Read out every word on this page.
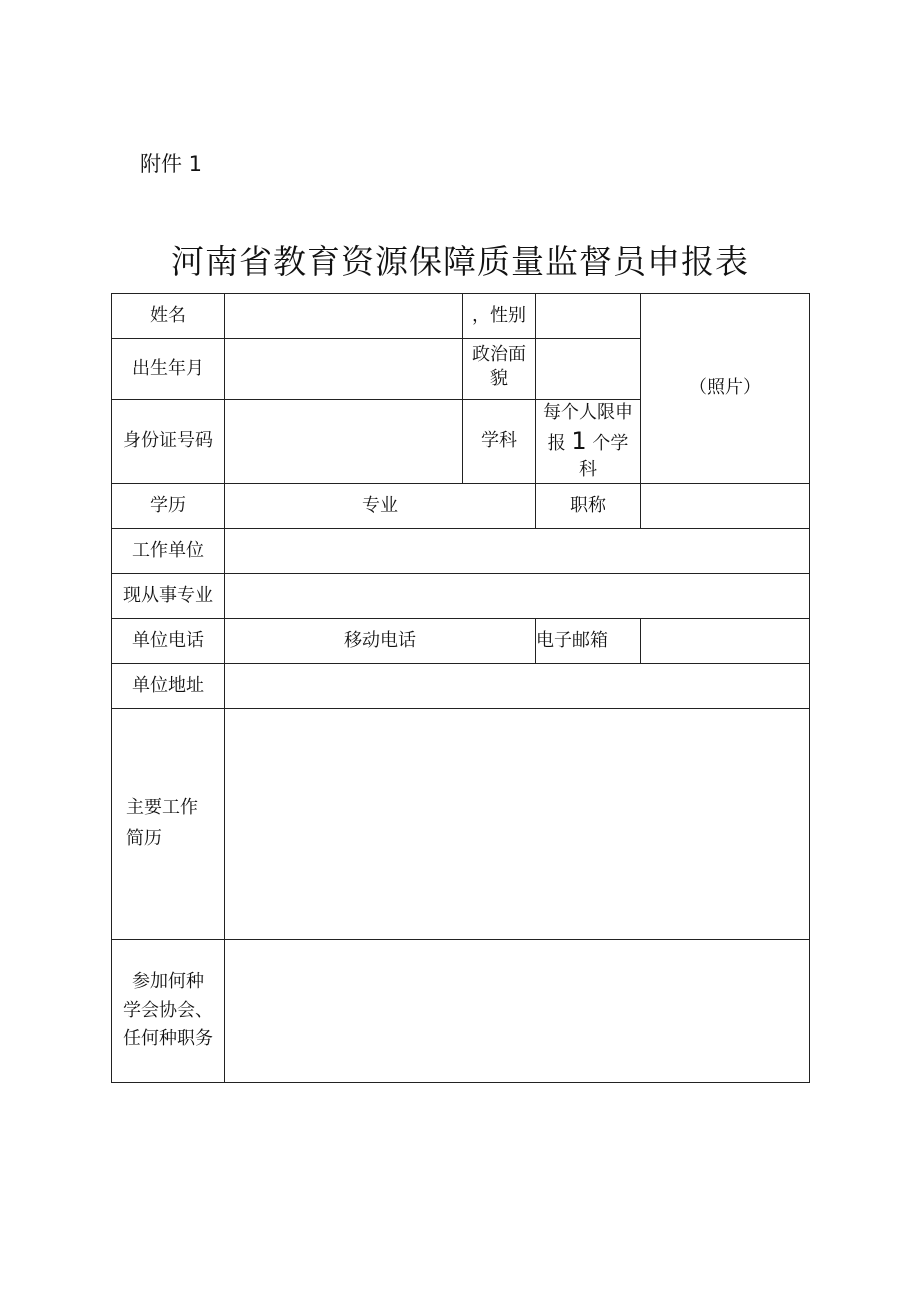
附件 1
河南省教育资源保障质量监督员申报表
姓名		，性别		（照片）
出生年月		政治面
貌		
身份证号码		学科	每个人限申
报 1 个学
科	
学历	专业		职称	
工作单位				
现从事专业				
单位电话	移动电话		电子邮箱	
单位地址				
主要工作
简历				
参加何种
学会协会、
任何种职务				
